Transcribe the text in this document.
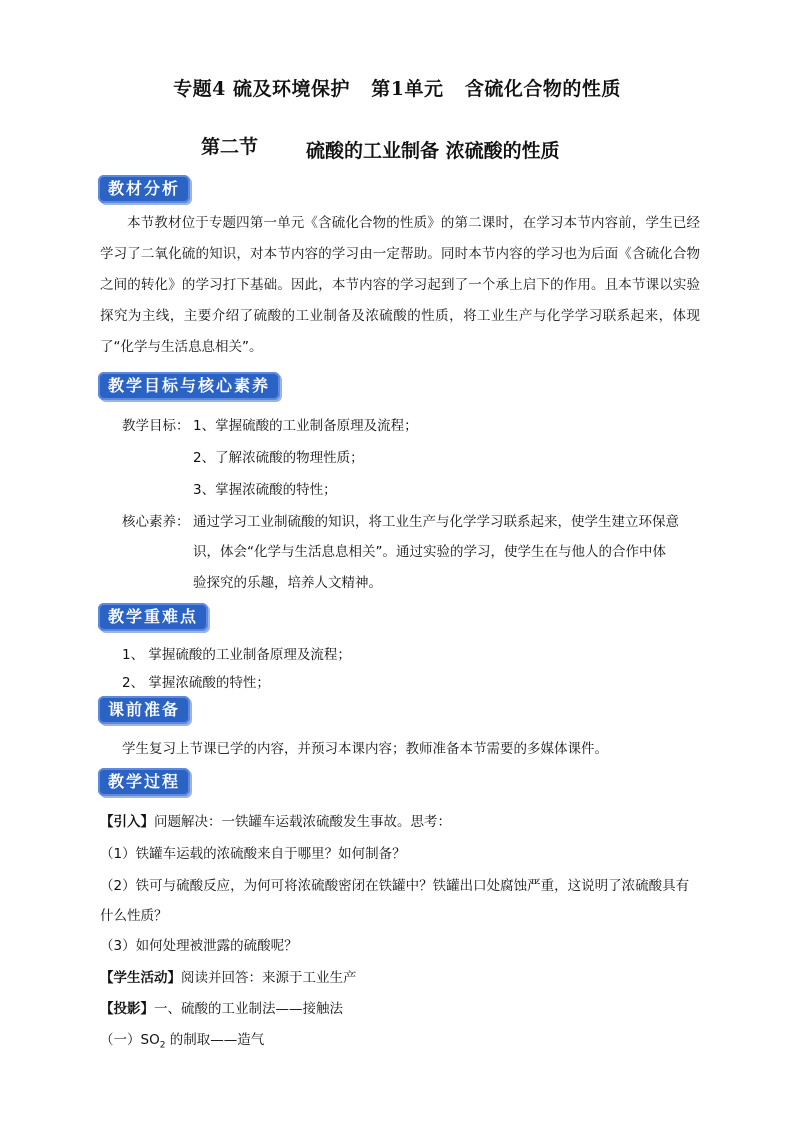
专题4 硫及环境保护   第1单元   含硫化合物的性质
第二节	硫酸的工业制备 浓硫酸的性质
教材分析
本节教材位于专题四第一单元《含硫化合物的性质》的第二课时，在学习本节内容前，学生已经学习了二氧化硫的知识，对本节内容的学习由一定帮助。同时本节内容的学习也为后面《含硫化合物之间的转化》的学习打下基础。因此，本节内容的学习起到了一个承上启下的作用。且本节课以实验探究为主线，主要介绍了硫酸的工业制备及浓硫酸的性质，将工业生产与化学学习联系起来，体现了“化学与生活息息相关”。
教学目标与核心素养
教学目标： 1、掌握硫酸的工业制备原理及流程；
2、了解浓硫酸的物理性质；
3、掌握浓硫酸的特性；
核心素养： 通过学习工业制硫酸的知识，将工业生产与化学学习联系起来，使学生建立环保意
识，体会“化学与生活息息相关”。通过实验的学习，使学生在与他人的合作中体
验探究的乐趣，培养人文精神。
教学重难点
1、 掌握硫酸的工业制备原理及流程；
2、 掌握浓硫酸的特性；
课前准备
学生复习上节课已学的内容，并预习本课内容；教师准备本节需要的多媒体课件。
教学过程
【引入】问题解决：一铁罐车运载浓硫酸发生事故。思考：
（1）铁罐车运载的浓硫酸来自于哪里？如何制备？
（2）铁可与硫酸反应，为何可将浓硫酸密闭在铁罐中？铁罐出口处腐蚀严重，这说明了浓硫酸具有
什么性质？
（3）如何处理被泄露的硫酸呢？
【学生活动】阅读并回答：来源于工业生产
【投影】一、硫酸的工业制法——接触法
（一）$SO_2$ 的制取——造气
